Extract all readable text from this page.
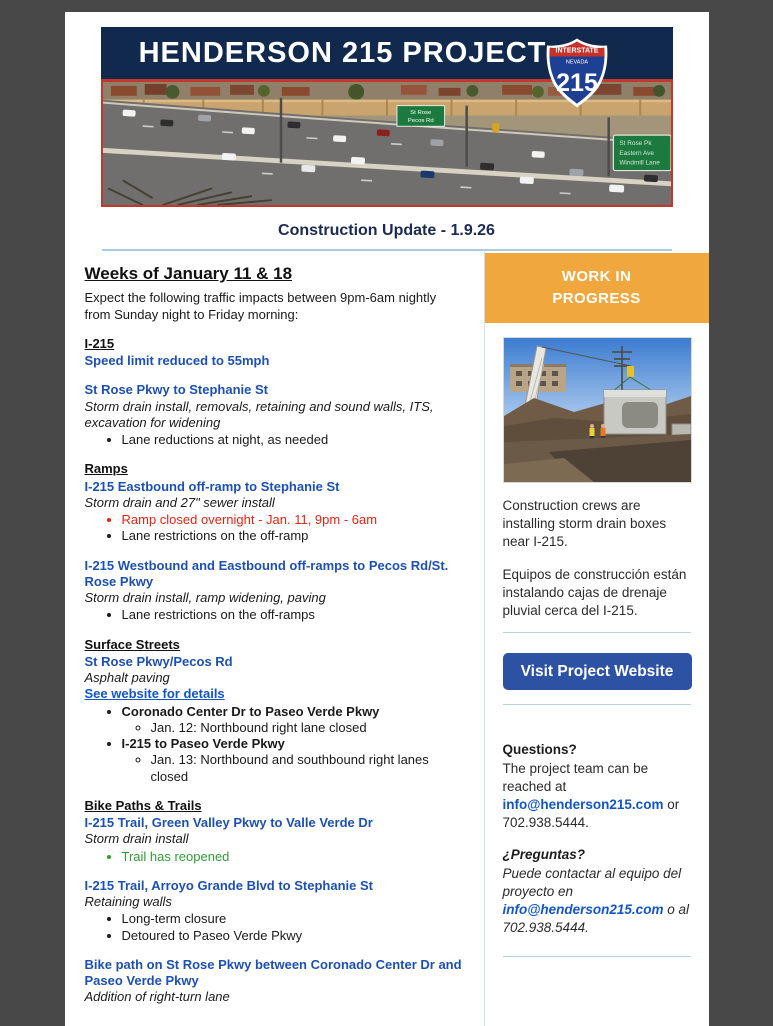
HENDERSON 215 PROJECT INTERSTATE
NEVADA
215
St Rose
Pecos Rd
St Rose Pk
Eastern Ave
Windmill Lane
Construction Update - 1.9.26
Weeks of January 11 & 18
Expect the following traffic impacts between 9pm-6am nightly from Sunday night to Friday morning:
I-215
Speed limit reduced to 55mph
St Rose Pkwy to Stephanie St
Storm drain install, removals, retaining and sound walls, ITS, excavation for widening
• Lane reductions at night, as needed
Ramps
I-215 Eastbound off-ramp to Stephanie St
Storm drain and 27" sewer install
• Ramp closed overnight - Jan. 11, 9pm - 6am
• Lane restrictions on the off-ramp
I-215 Westbound and Eastbound off-ramps to Pecos Rd/St. Rose Pkwy
Storm drain install, ramp widening, paving
• Lane restrictions on the off-ramps
Surface Streets
St Rose Pkwy/Pecos Rd
Asphalt paving
See website for details
• Coronado Center Dr to Paseo Verde Pkwy
◦ Jan. 12: Northbound right lane closed
• I-215 to Paseo Verde Pkwy
◦ Jan. 13: Northbound and southbound right lanes closed
Bike Paths & Trails
I-215 Trail, Green Valley Pkwy to Valle Verde Dr
Storm drain install
• Trail has reopened
I-215 Trail, Arroyo Grande Blvd to Stephanie St
Retaining walls
• Long-term closure
• Detoured to Paseo Verde Pkwy
Bike path on St Rose Pkwy between Coronado Center Dr and Paseo Verde Pkwy
Addition of right-turn lane
WORK IN PROGRESS

Construction crews are installing storm drain boxes near I-215.

Equipos de construcción están instalando cajas de drenaje pluvial cerca del I-215.

Visit Project Website
Questions?
The project team can be reached at info@henderson215.com or 702.938.5444.
¿Preguntas?
Puede contactar al equipo del proyecto en info@henderson215.com o al 702.938.5444.
